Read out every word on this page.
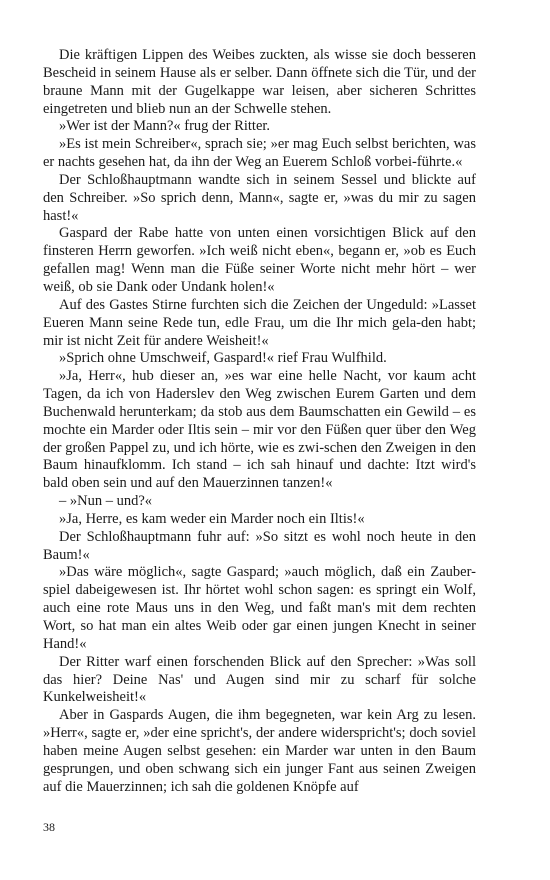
Die kräftigen Lippen des Weibes zuckten, als wisse sie doch besseren Bescheid in seinem Hause als er selber. Dann öffnete sich die Tür, und der braune Mann mit der Gugelkappe war leisen, aber sicheren Schrittes eingetreten und blieb nun an der Schwelle stehen.

»Wer ist der Mann?« frug der Ritter.

»Es ist mein Schreiber«, sprach sie; »er mag Euch selbst berichten, was er nachts gesehen hat, da ihn der Weg an Euerem Schloß vorbei-führte.«

Der Schloßhauptmann wandte sich in seinem Sessel und blickte auf den Schreiber. »So sprich denn, Mann«, sagte er, »was du mir zu sagen hast!«

Gaspard der Rabe hatte von unten einen vorsichtigen Blick auf den finsteren Herrn geworfen. »Ich weiß nicht eben«, begann er, »ob es Euch gefallen mag! Wenn man die Füße seiner Worte nicht mehr hört – wer weiß, ob sie Dank oder Undank holen!«

Auf des Gastes Stirne furchten sich die Zeichen der Ungeduld: »Lasset Eueren Mann seine Rede tun, edle Frau, um die Ihr mich gela-den habt; mir ist nicht Zeit für andere Weisheit!«

»Sprich ohne Umschweif, Gaspard!« rief Frau Wulfhild.

»Ja, Herr«, hub dieser an, »es war eine helle Nacht, vor kaum acht Tagen, da ich von Haderslev den Weg zwischen Eurem Garten und dem Buchenwald herunterkam; da stob aus dem Baumschatten ein Gewild – es mochte ein Marder oder Iltis sein – mir vor den Füßen quer über den Weg der großen Pappel zu, und ich hörte, wie es zwi-schen den Zweigen in den Baum hinaufklomm. Ich stand – ich sah hinauf und dachte: Itzt wird's bald oben sein und auf den Mauerzinnen tanzen!«

– »Nun – und?«

»Ja, Herre, es kam weder ein Marder noch ein Iltis!«

Der Schloßhauptmann fuhr auf: »So sitzt es wohl noch heute in den Baum!«

»Das wäre möglich«, sagte Gaspard; »auch möglich, daß ein Zauber-spiel dabeigewesen ist. Ihr hörtet wohl schon sagen: es springt ein Wolf, auch eine rote Maus uns in den Weg, und faßt man's mit dem rechten Wort, so hat man ein altes Weib oder gar einen jungen Knecht in seiner Hand!«

Der Ritter warf einen forschenden Blick auf den Sprecher: »Was soll das hier? Deine Nas' und Augen sind mir zu scharf für solche Kunkelweisheit!«

Aber in Gaspards Augen, die ihm begegneten, war kein Arg zu lesen. »Herr«, sagte er, »der eine spricht's, der andere widerspricht's; doch soviel haben meine Augen selbst gesehen: ein Marder war unten in den Baum gesprungen, und oben schwang sich ein junger Fant aus seinen Zweigen auf die Mauerzinnen; ich sah die goldenen Knöpfe auf

38
